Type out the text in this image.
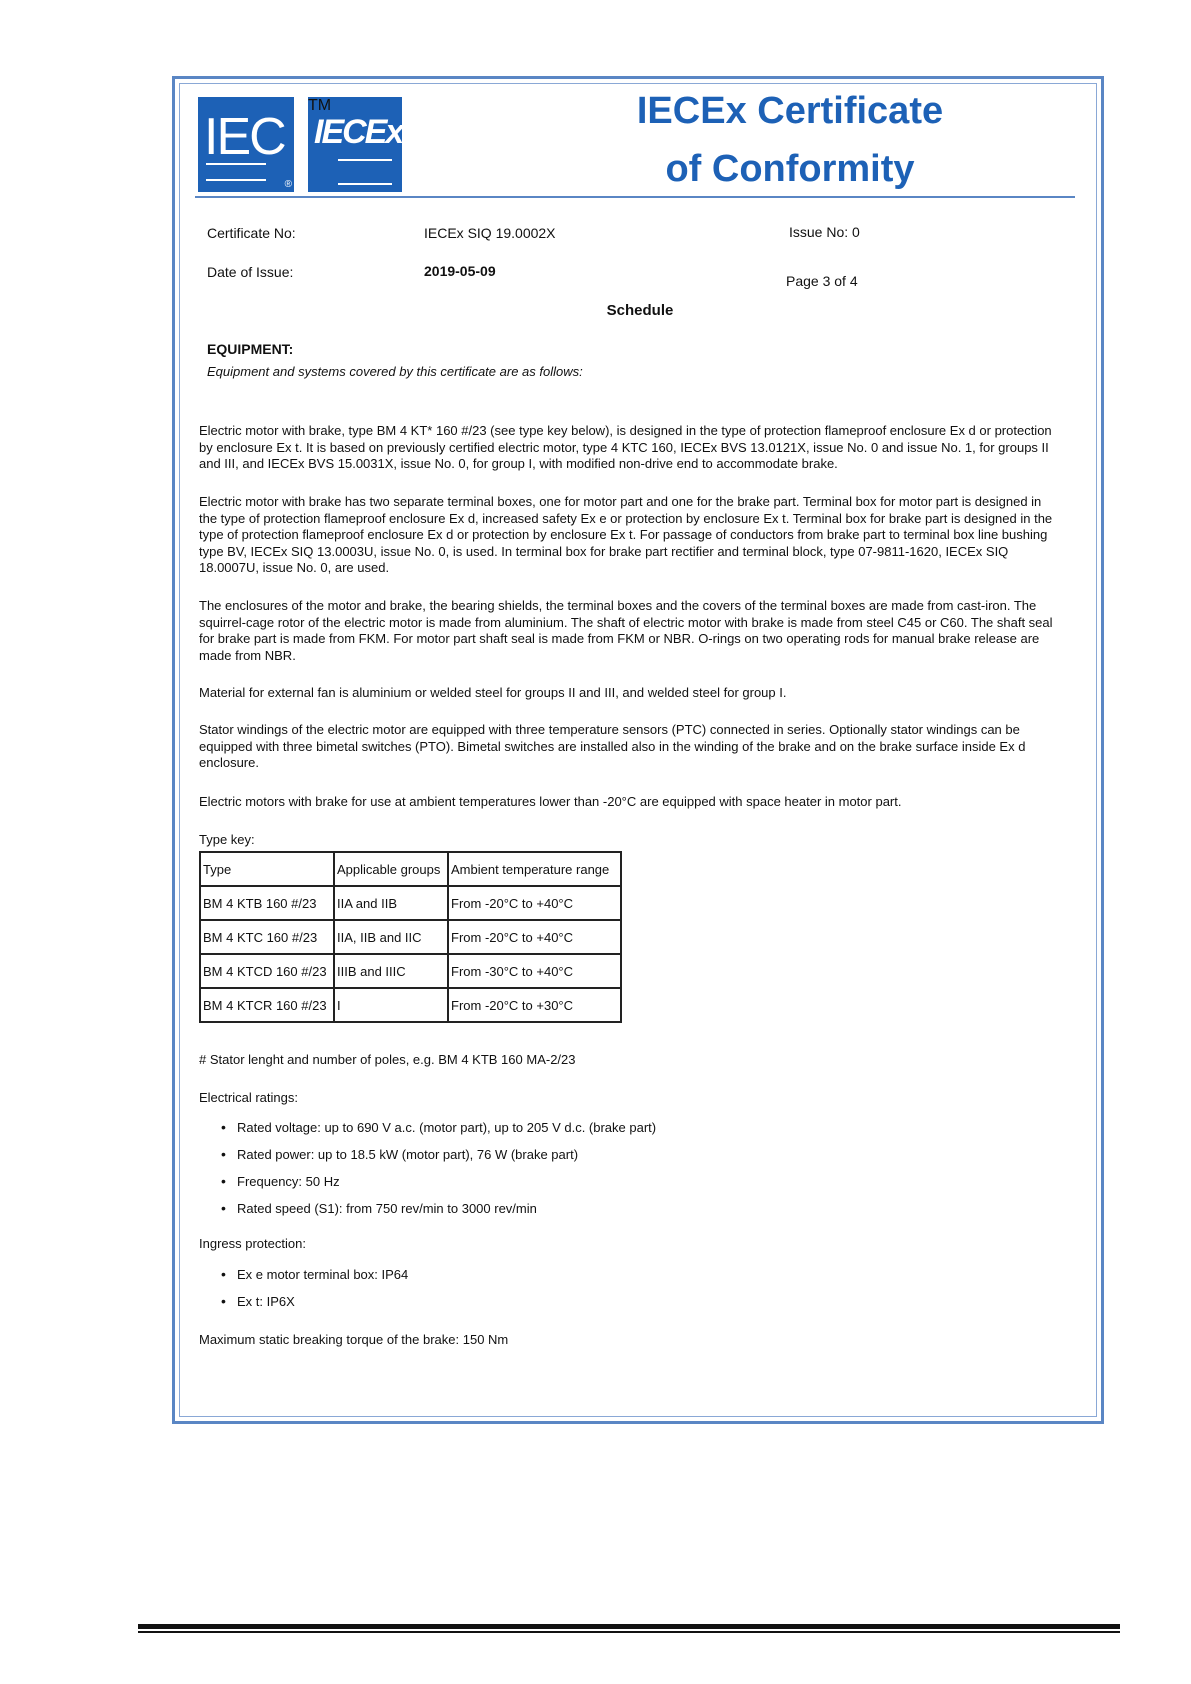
IEC
®
IECEx
TM	IECEx Certificate
of Conformity
Certificate No:	IECEx SIQ 19.0002X	Issue No: 0
Date of Issue:	2019-05-09
Page 3 of 4
Schedule
EQUIPMENT:
Equipment and systems covered by this certificate are as follows:
Electric motor with brake, type BM 4 KT* 160 #/23 (see type key below), is designed in the type of protection flameproof enclosure Ex d or protection by enclosure Ex t. It is based on previously certified electric motor, type 4 KTC 160, IECEx BVS 13.0121X, issue No. 0 and issue No. 1, for groups II and III, and IECEx BVS 15.0031X, issue No. 0, for group I, with modified non-drive end to accommodate brake.
Electric motor with brake has two separate terminal boxes, one for motor part and one for the brake part. Terminal box for motor part is designed in the type of protection flameproof enclosure Ex d, increased safety Ex e or protection by enclosure Ex t. Terminal box for brake part is designed in the type of protection flameproof enclosure Ex d or protection by enclosure Ex t. For passage of conductors from brake part to terminal box line bushing type BV, IECEx SIQ 13.0003U, issue No. 0, is used. In terminal box for brake part rectifier and terminal block, type 07-9811-1620, IECEx SIQ 18.0007U, issue No. 0, are used.
The enclosures of the motor and brake, the bearing shields, the terminal boxes and the covers of the terminal boxes are made from cast-iron. The squirrel-cage rotor of the electric motor is made from aluminium. The shaft of electric motor with brake is made from steel C45 or C60. The shaft seal for brake part is made from FKM. For motor part shaft seal is made from FKM or NBR. O-rings on two operating rods for manual brake release are made from NBR.
Material for external fan is aluminium or welded steel for groups II and III, and welded steel for group I.
Stator windings of the electric motor are equipped with three temperature sensors (PTC) connected in series. Optionally stator windings can be equipped with three bimetal switches (PTO). Bimetal switches are installed also in the winding of the brake and on the brake surface inside Ex d enclosure.
Electric motors with brake for use at ambient temperatures lower than -20°C are equipped with space heater in motor part.
Type key:
Type	Applicable groups	Ambient temperature range
BM 4 KTB 160 #/23	IIA and IIB	From -20°C to +40°C
BM 4 KTC 160 #/23	IIA, IIB and IIC	From -20°C to +40°C
BM 4 KTCD 160 #/23	IIIB and IIIC	From -30°C to +40°C
BM 4 KTCR 160 #/23	I	From -20°C to +30°C
# Stator lenght and number of poles, e.g. BM 4 KTB 160 MA-2/23
Electrical ratings:
• Rated voltage: up to 690 V a.c. (motor part), up to 205 V d.c. (brake part)
• Rated power: up to 18.5 kW (motor part), 76 W (brake part)
• Frequency: 50 Hz
• Rated speed (S1): from 750 rev/min to 3000 rev/min
Ingress protection:
• Ex e motor terminal box: IP64
• Ex t: IP6X
Maximum static breaking torque of the brake: 150 Nm
